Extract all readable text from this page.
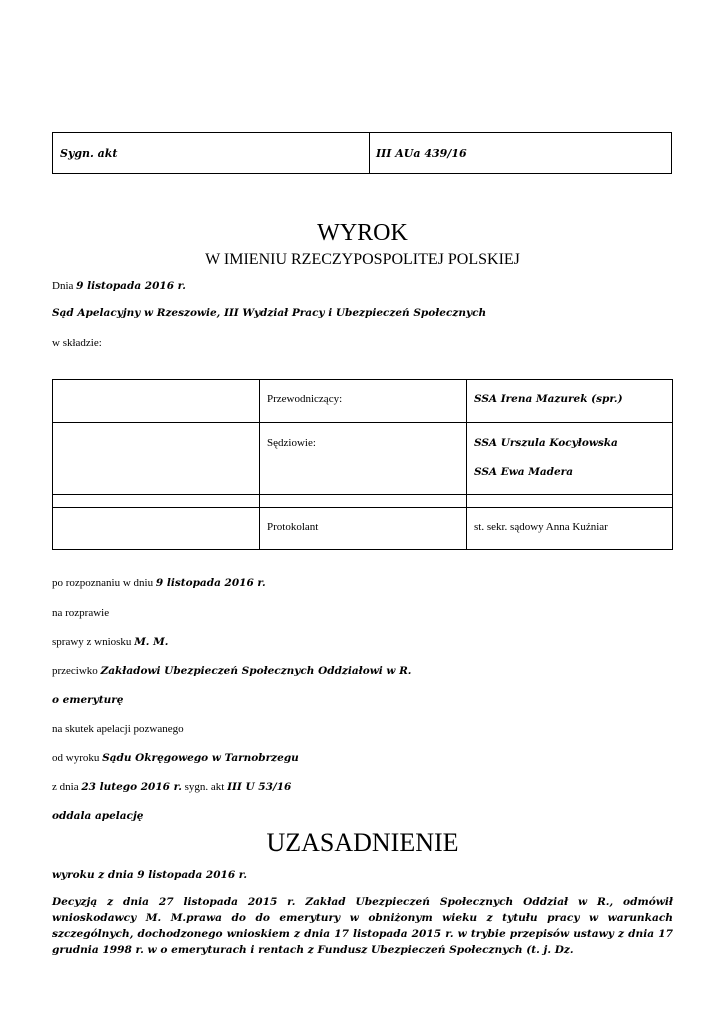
Sygn. akt	III AUa 439/16
WYROK
W IMIENIU RZECZYPOSPOLITEJ POLSKIEJ
Dnia 9 listopada 2016 r.
Sąd Apelacyjny w Rzeszowie, III Wydział Pracy i Ubezpieczeń Społecznych
w składzie:
	Przewodniczący:	SSA Irena Mazurek (spr.)
	Sędziowie:	SSA Urszula Kocyłowska
SSA Ewa Madera

	Protokolant	st. sekr. sądowy Anna Kuźniar
po rozpoznaniu w dniu 9 listopada 2016 r.
na rozprawie
sprawy z wniosku M. M.
przeciwko Zakładowi Ubezpieczeń Społecznych Oddziałowi w R.
o emeryturę
na skutek apelacji pozwanego
od wyroku Sądu Okręgowego w Tarnobrzegu
z dnia 23 lutego 2016 r. sygn. akt III U 53/16
oddala apelację
UZASADNIENIE
wyroku z dnia 9 listopada 2016 r.
Decyzją z dnia 27 listopada 2015 r. Zakład Ubezpieczeń Społecznych Oddział w R., odmówił wnioskodawcy M. M.prawa do do emerytury w obniżonym wieku z tytułu pracy w warunkach szczególnych, dochodzonego wnioskiem z dnia 17 listopada 2015 r. w trybie przepisów ustawy z dnia 17 grudnia 1998 r. w o emeryturach i rentach z Fundusz Ubezpieczeń Społecznych (t. j. Dz.
